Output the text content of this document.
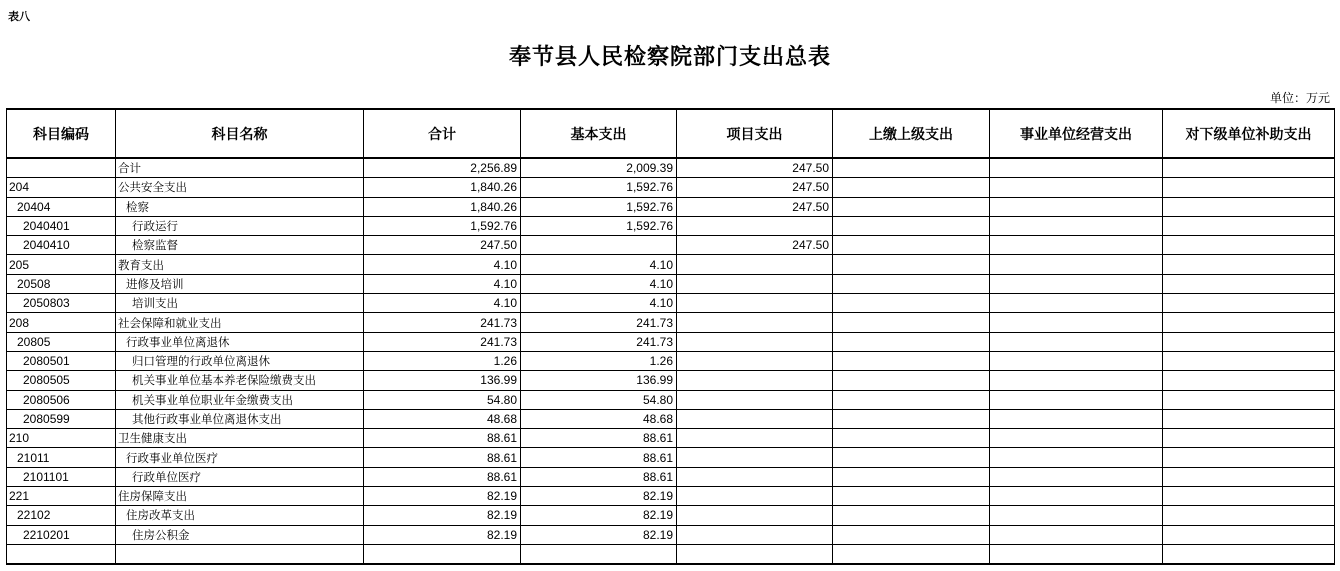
表八
奉节县人民检察院部门支出总表
单位：万元
科目编码	科目名称	合计	基本支出	项目支出	上缴上级支出	事业单位经营支出	对下级单位补助支出
	合计	2,256.89	2,009.39	247.50			
204	公共安全支出	1,840.26	1,592.76	247.50			
20404	检察	1,840.26	1,592.76	247.50			
2040401	行政运行	1,592.76	1,592.76				
2040410	检察监督	247.50		247.50			
205	教育支出	4.10	4.10				
20508	进修及培训	4.10	4.10				
2050803	培训支出	4.10	4.10				
208	社会保障和就业支出	241.73	241.73				
20805	行政事业单位离退休	241.73	241.73				
2080501	归口管理的行政单位离退休	1.26	1.26				
2080505	机关事业单位基本养老保险缴费支出	136.99	136.99				
2080506	机关事业单位职业年金缴费支出	54.80	54.80				
2080599	其他行政事业单位离退休支出	48.68	48.68				
210	卫生健康支出	88.61	88.61				
21011	行政事业单位医疗	88.61	88.61				
2101101	行政单位医疗	88.61	88.61				
221	住房保障支出	82.19	82.19				
22102	住房改革支出	82.19	82.19				
2210201	住房公积金	82.19	82.19				
